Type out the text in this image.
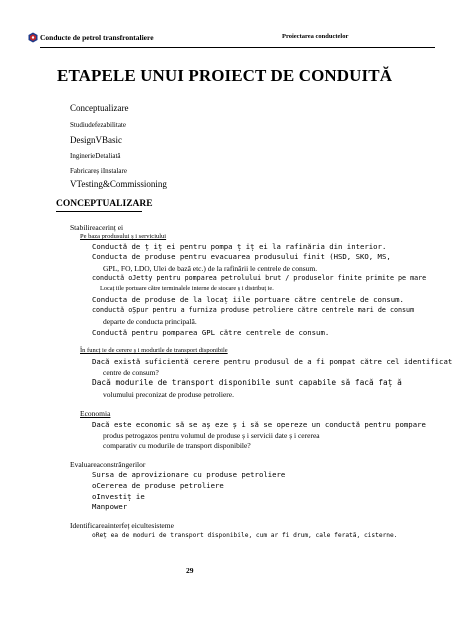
Conducte de petrol transfrontaliere	Proiectarea conductelor
ETAPELE UNUI PROIECT DE CONDUITĂ
Conceptualizare
Studiudefezabilitate
DesignVBasic
InginerieDetaliată
Fabricareș iInstalare
VTesting&Commissioning
CONCEPTUALIZARE
Stabilireacerinț ei
Pe baza produsului ș i serviciului
Conductă de ț iț ei pentru pompa ț iț ei la rafinăria din interior.
Conducta de produse pentru evacuarea produsului finit (HSD, SKO, MS,
GPL, FO, LDO, Ulei de bază etc.) de la rafinării le centrele de consum.
conductă oJetty pentru pomparea petrolului brut / produselor finite primite pe mare
Locaț iile portuare către terminalele interne de stocare ș i distribuț ie.
Conducta de produse de la locaț iile portuare către centrele de consum.
conductă oȘpur pentru a furniza produse petroliere către centrele mari de consum
departe de conducta principală.
Conductă pentru pomparea GPL către centrele de consum.
În funcț ie de cerere ș i modurile de transport disponibile
Dacă există suficientă cerere pentru produsul de a fi pompat către cel identificat
centre de consum?
Dacă modurile de transport disponibile sunt capabile să facă faț ă
volumului preconizat de produse petroliere.
Economia
Dacă este economic să se aș eze ș i să se opereze un conductă pentru pompare
produs petrogazos pentru volumul de produse ș i servicii date ș i cererea
comparativ cu modurile de transport disponibile?
Evaluareaconstrângerilor
Sursa de aprovizionare cu produse petroliere
oCererea de produse petroliere
oInvestiț ie
Manpower
Identificareainterfeț eicultesisteme
oReț ea de moduri de transport disponibile, cum ar fi drum, cale ferată, cisterne.
29
